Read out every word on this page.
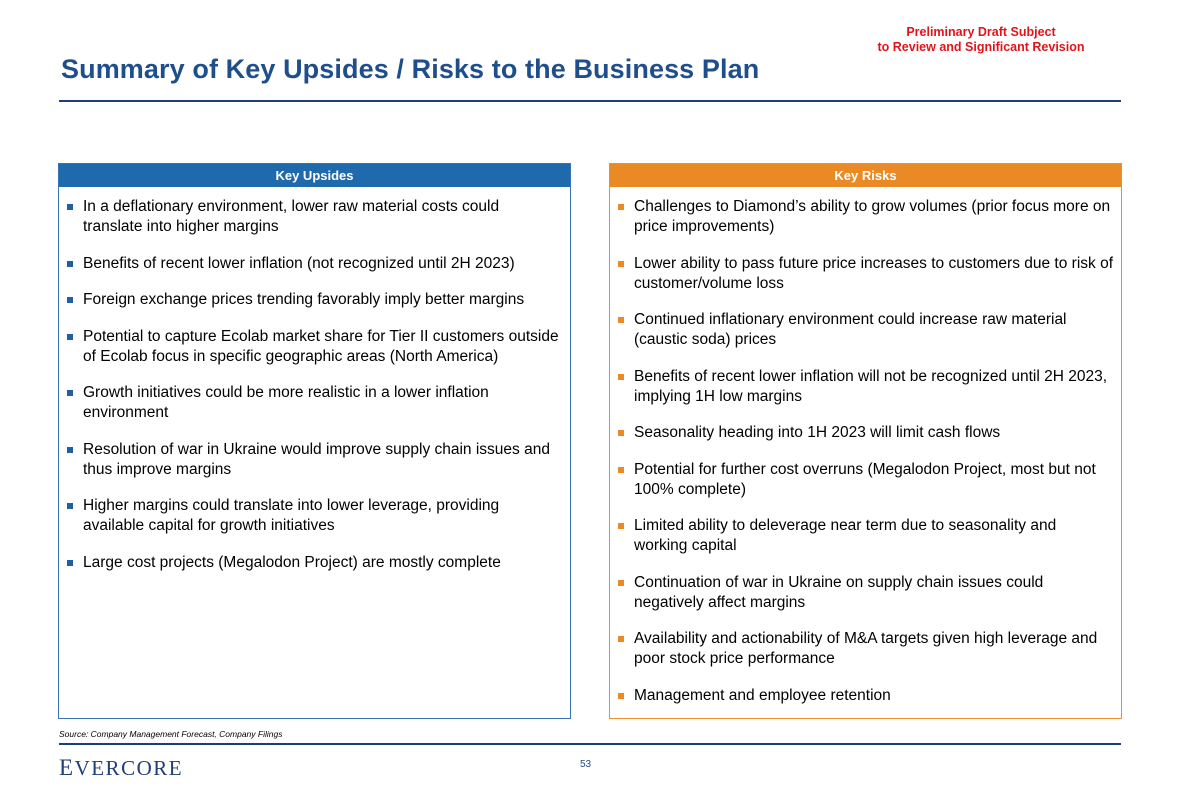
Preliminary Draft Subject
to Review and Significant Revision
Summary of Key Upsides / Risks to the Business Plan
Key Upsides
In a deflationary environment, lower raw material costs could translate into higher margins
Benefits of recent lower inflation (not recognized until 2H 2023)
Foreign exchange prices trending favorably imply better margins
Potential to capture Ecolab market share for Tier II customers outside of Ecolab focus in specific geographic areas (North America)
Growth initiatives could be more realistic in a lower inflation environment
Resolution of war in Ukraine would improve supply chain issues and thus improve margins
Higher margins could translate into lower leverage, providing available capital for growth initiatives
Large cost projects (Megalodon Project) are mostly complete
Key Risks
Challenges to Diamond’s ability to grow volumes (prior focus more on price improvements)
Lower ability to pass future price increases to customers due to risk of customer/volume loss
Continued inflationary environment could increase raw material (caustic soda) prices
Benefits of recent lower inflation will not be recognized until 2H 2023, implying 1H low margins
Seasonality heading into 1H 2023 will limit cash flows
Potential for further cost overruns (Megalodon Project, most but not 100% complete)
Limited ability to deleverage near term due to seasonality and working capital
Continuation of war in Ukraine on supply chain issues could negatively affect margins
Availability and actionability of M&A targets given high leverage and poor stock price performance
Management and employee retention
Source: Company Management Forecast, Company Filings
EVERCORE	53
